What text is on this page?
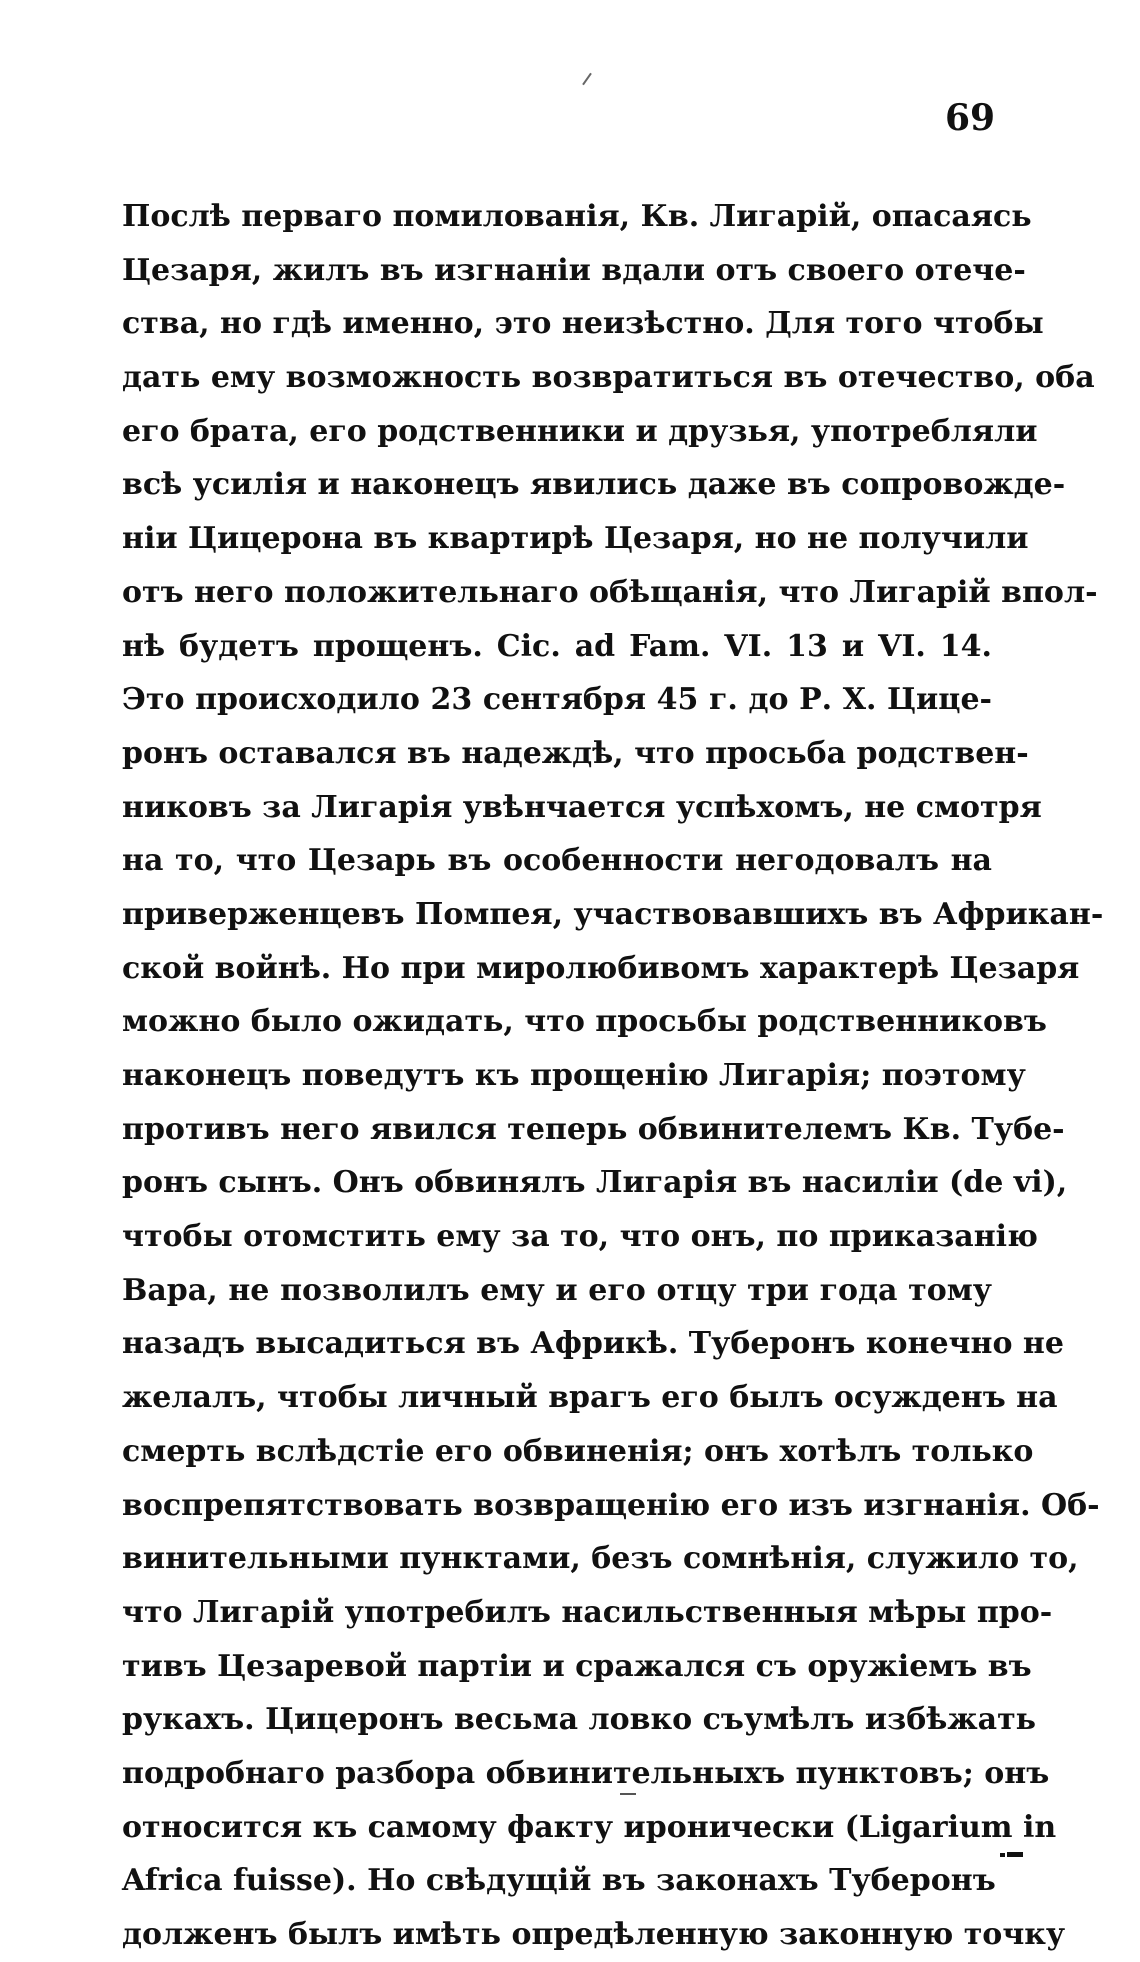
69
Послѣ перваго помилованія, Кв. Лигарій, опасаясь
Цезаря, жилъ въ изгнаніи вдали отъ своего отече-
ства, но гдѣ именно, это неизѣстно. Для того чтобы
дать ему возможность возвратиться въ отечество, оба
его брата, его родственники и друзья, употребляли
всѣ усилія и наконецъ явились даже въ сопровожде-
ніи Цицерона въ квартирѣ Цезаря, но не получили
отъ него положительнаго обѣщанія, что Лигарій впол-
нѣ будетъ прощенъ. Cic. ad Fam. VI. 13 и VI. 14.
Это происходило 23 сентября 45 г. до Р. Х. Цице-
ронъ оставался въ надеждѣ, что просьба родствен-
никовъ за Лигарія увѣнчается успѣхомъ, не смотря
на то, что Цезарь въ особенности негодовалъ на
приверженцевъ Помпея, участвовавшихъ въ Африкан-
ской войнѣ. Но при миролюбивомъ характерѣ Цезаря
можно было ожидать, что просьбы родственниковъ
наконецъ поведутъ къ прощенію Лигарія; поэтому
противъ него явился теперь обвинителемъ Кв. Тубе-
ронъ сынъ. Онъ обвинялъ Лигарія въ насиліи (de vi),
чтобы отомстить ему за то, что онъ, по приказанію
Вара, не позволилъ ему и его отцу три года тому
назадъ высадиться въ Африкѣ. Туберонъ конечно не
желалъ, чтобы личный врагъ его былъ осужденъ на
смерть вслѣдстіе его обвиненія; онъ хотѣлъ только
воспрепятствовать возвращенію его изъ изгнанія. Об-
винительными пунктами, безъ сомнѣнія, служило то,
что Лигарій употребилъ насильственныя мѣры про-
тивъ Цезаревой партіи и сражался съ оружіемъ въ
рукахъ. Цицеронъ весьма ловко съумѣлъ избѣжать
подробнаго разбора обвинительныхъ пунктовъ; онъ
относится къ самому факту иронически (Ligarium in
Africa fuisse). Но свѣдущій въ законахъ Туберонъ
долженъ былъ имѣть опредѣленную законную точку
